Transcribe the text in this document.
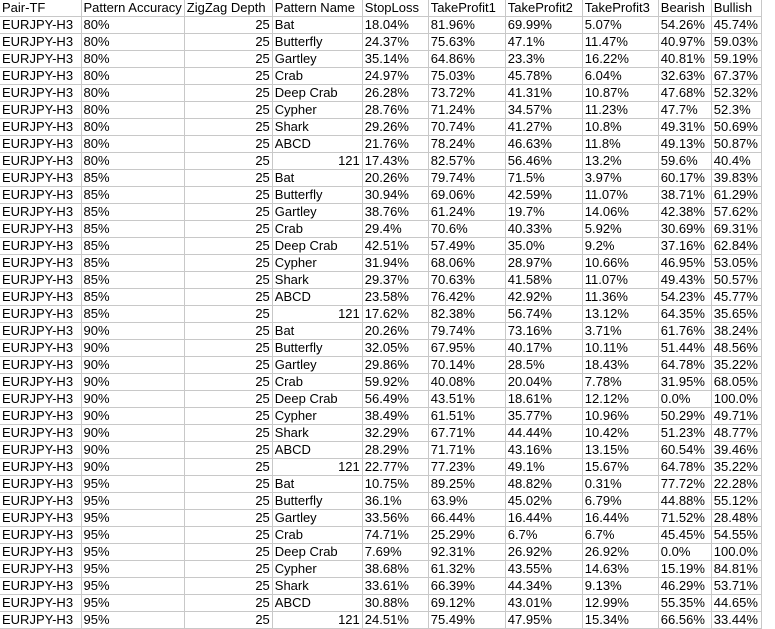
Pair-TF	Pattern Accuracy	ZigZag Depth	Pattern Name	StopLoss	TakeProfit1	TakeProfit2	TakeProfit3	Bearish	Bullish
EURJPY-H3	80%	25	Bat	18.04%	81.96%	69.99%	5.07%	54.26%	45.74%
EURJPY-H3	80%	25	Butterfly	24.37%	75.63%	47.1%	11.47%	40.97%	59.03%
EURJPY-H3	80%	25	Gartley	35.14%	64.86%	23.3%	16.22%	40.81%	59.19%
EURJPY-H3	80%	25	Crab	24.97%	75.03%	45.78%	6.04%	32.63%	67.37%
EURJPY-H3	80%	25	Deep Crab	26.28%	73.72%	41.31%	10.87%	47.68%	52.32%
EURJPY-H3	80%	25	Cypher	28.76%	71.24%	34.57%	11.23%	47.7%	52.3%
EURJPY-H3	80%	25	Shark	29.26%	70.74%	41.27%	10.8%	49.31%	50.69%
EURJPY-H3	80%	25	ABCD	21.76%	78.24%	46.63%	11.8%	49.13%	50.87%
EURJPY-H3	80%	25	121	17.43%	82.57%	56.46%	13.2%	59.6%	40.4%
EURJPY-H3	85%	25	Bat	20.26%	79.74%	71.5%	3.97%	60.17%	39.83%
EURJPY-H3	85%	25	Butterfly	30.94%	69.06%	42.59%	11.07%	38.71%	61.29%
EURJPY-H3	85%	25	Gartley	38.76%	61.24%	19.7%	14.06%	42.38%	57.62%
EURJPY-H3	85%	25	Crab	29.4%	70.6%	40.33%	5.92%	30.69%	69.31%
EURJPY-H3	85%	25	Deep Crab	42.51%	57.49%	35.0%	9.2%	37.16%	62.84%
EURJPY-H3	85%	25	Cypher	31.94%	68.06%	28.97%	10.66%	46.95%	53.05%
EURJPY-H3	85%	25	Shark	29.37%	70.63%	41.58%	11.07%	49.43%	50.57%
EURJPY-H3	85%	25	ABCD	23.58%	76.42%	42.92%	11.36%	54.23%	45.77%
EURJPY-H3	85%	25	121	17.62%	82.38%	56.74%	13.12%	64.35%	35.65%
EURJPY-H3	90%	25	Bat	20.26%	79.74%	73.16%	3.71%	61.76%	38.24%
EURJPY-H3	90%	25	Butterfly	32.05%	67.95%	40.17%	10.11%	51.44%	48.56%
EURJPY-H3	90%	25	Gartley	29.86%	70.14%	28.5%	18.43%	64.78%	35.22%
EURJPY-H3	90%	25	Crab	59.92%	40.08%	20.04%	7.78%	31.95%	68.05%
EURJPY-H3	90%	25	Deep Crab	56.49%	43.51%	18.61%	12.12%	0.0%	100.0%
EURJPY-H3	90%	25	Cypher	38.49%	61.51%	35.77%	10.96%	50.29%	49.71%
EURJPY-H3	90%	25	Shark	32.29%	67.71%	44.44%	10.42%	51.23%	48.77%
EURJPY-H3	90%	25	ABCD	28.29%	71.71%	43.16%	13.15%	60.54%	39.46%
EURJPY-H3	90%	25	121	22.77%	77.23%	49.1%	15.67%	64.78%	35.22%
EURJPY-H3	95%	25	Bat	10.75%	89.25%	48.82%	0.31%	77.72%	22.28%
EURJPY-H3	95%	25	Butterfly	36.1%	63.9%	45.02%	6.79%	44.88%	55.12%
EURJPY-H3	95%	25	Gartley	33.56%	66.44%	16.44%	16.44%	71.52%	28.48%
EURJPY-H3	95%	25	Crab	74.71%	25.29%	6.7%	6.7%	45.45%	54.55%
EURJPY-H3	95%	25	Deep Crab	7.69%	92.31%	26.92%	26.92%	0.0%	100.0%
EURJPY-H3	95%	25	Cypher	38.68%	61.32%	43.55%	14.63%	15.19%	84.81%
EURJPY-H3	95%	25	Shark	33.61%	66.39%	44.34%	9.13%	46.29%	53.71%
EURJPY-H3	95%	25	ABCD	30.88%	69.12%	43.01%	12.99%	55.35%	44.65%
EURJPY-H3	95%	25	121	24.51%	75.49%	47.95%	15.34%	66.56%	33.44%
